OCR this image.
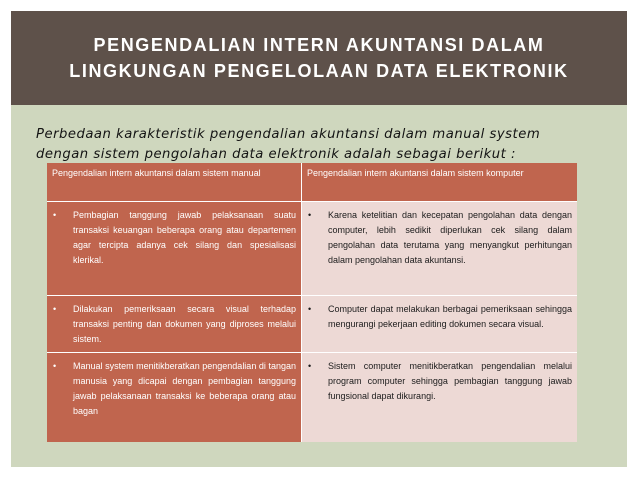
PENGENDALIAN INTERN AKUNTANSI DALAM
LINGKUNGAN PENGELOLAAN DATA ELEKTRONIK
Perbedaan karakteristik pengendalian akuntansi dalam manual system
dengan sistem pengolahan data elektronik adalah sebagai berikut :
Pengendalian intern akuntansi dalam sistem manual	Pengendalian intern akuntansi dalam sistem komputer

• Pembagian tanggung jawab pelaksanaan suatu transaksi keuangan beberapa orang atau departemen agar tercipta adanya cek silang dan spesialisasi klerikal.	• Karena ketelitian dan kecepatan pengolahan data dengan computer, lebih sedikit diperlukan cek silang dalam pengolahan data terutama yang menyangkut perhitungan dalam pengolahan data akuntansi.

• Dilakukan pemeriksaan secara visual terhadap transaksi penting dan dokumen yang diproses melalui sistem.	• Computer dapat melakukan berbagai pemeriksaan sehingga mengurangi pekerjaan editing dokumen secara visual.

• Manual system menitikberatkan pengendalian di tangan manusia yang dicapai dengan pembagian tanggung jawab pelaksanaan transaksi ke beberapa orang atau bagan	• Sistem computer menitikberatkan pengendalian melalui program computer sehingga pembagian tanggung jawab fungsional dapat dikurangi.
